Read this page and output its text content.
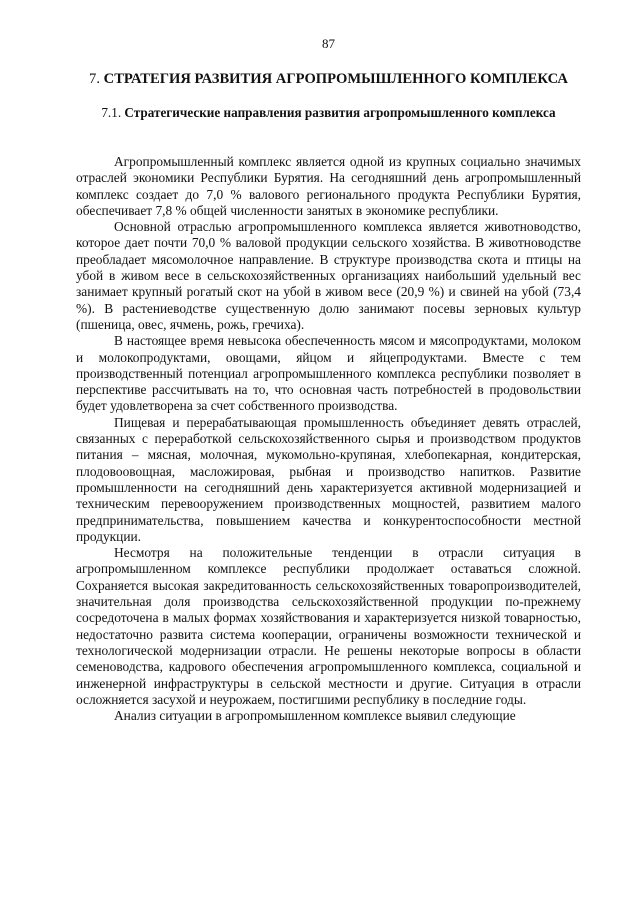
87
7. СТРАТЕГИЯ РАЗВИТИЯ АГРОПРОМЫШЛЕННОГО КОМПЛЕКСА
7.1. Стратегические направления развития агропромышленного комплекса

Агропромышленный комплекс является одной из крупных социально значимых отраслей экономики Республики Бурятия. На сегодняшний день агропромышленный комплекс создает до 7,0 % валового регионального продукта Республики Бурятия, обеспечивает 7,8 % общей численности занятых в экономике республики.

Основной отраслью агропромышленного комплекса является животноводство, которое дает почти 70,0 % валовой продукции сельского хозяйства. В животноводстве преобладает мясомолочное направление. В структуре производства скота и птицы на убой в живом весе в сельскохозяйственных организациях наибольший удельный вес занимает крупный рогатый скот на убой в живом весе (20,9 %) и свиней на убой (73,4 %). В растениеводстве существенную долю занимают посевы зерновых культур (пшеница, овес, ячмень, рожь, гречиха).

В настоящее время невысока обеспеченность мясом и мясопродуктами, молоком и молокопродуктами, овощами, яйцом и яйцепродуктами. Вместе с тем производственный потенциал агропромышленного комплекса республики позволяет в перспективе рассчитывать на то, что основная часть потребностей в продовольствии будет удовлетворена за счет собственного производства.

Пищевая и перерабатывающая промышленность объединяет девять отраслей, связанных с переработкой сельскохозяйственного сырья и производством продуктов питания – мясная, молочная, мукомольно-крупяная, хлебопекарная, кондитерская, плодовоовощная, масложировая, рыбная и производство напитков. Развитие промышленности на сегодняшний день характеризуется активной модернизацией и техническим перевооружением производственных мощностей, развитием малого предпринимательства, повышением качества и конкурентоспособности местной продукции.

Несмотря на положительные тенденции в отрасли ситуация в агропромышленном комплексе республики продолжает оставаться сложной. Сохраняется высокая закредитованность сельскохозяйственных товаропроизводителей, значительная доля производства сельскохозяйственной продукции по-прежнему сосредоточена в малых формах хозяйствования и характеризуется низкой товарностью, недостаточно развита система кооперации, ограничены возможности технической и технологической модернизации отрасли. Не решены некоторые вопросы в области семеноводства, кадрового обеспечения агропромышленного комплекса, социальной и инженерной инфраструктуры в сельской местности и другие. Ситуация в отрасли осложняется засухой и неурожаем, постигшими республику в последние годы.

Анализ ситуации в агропромышленном комплексе выявил следующие
